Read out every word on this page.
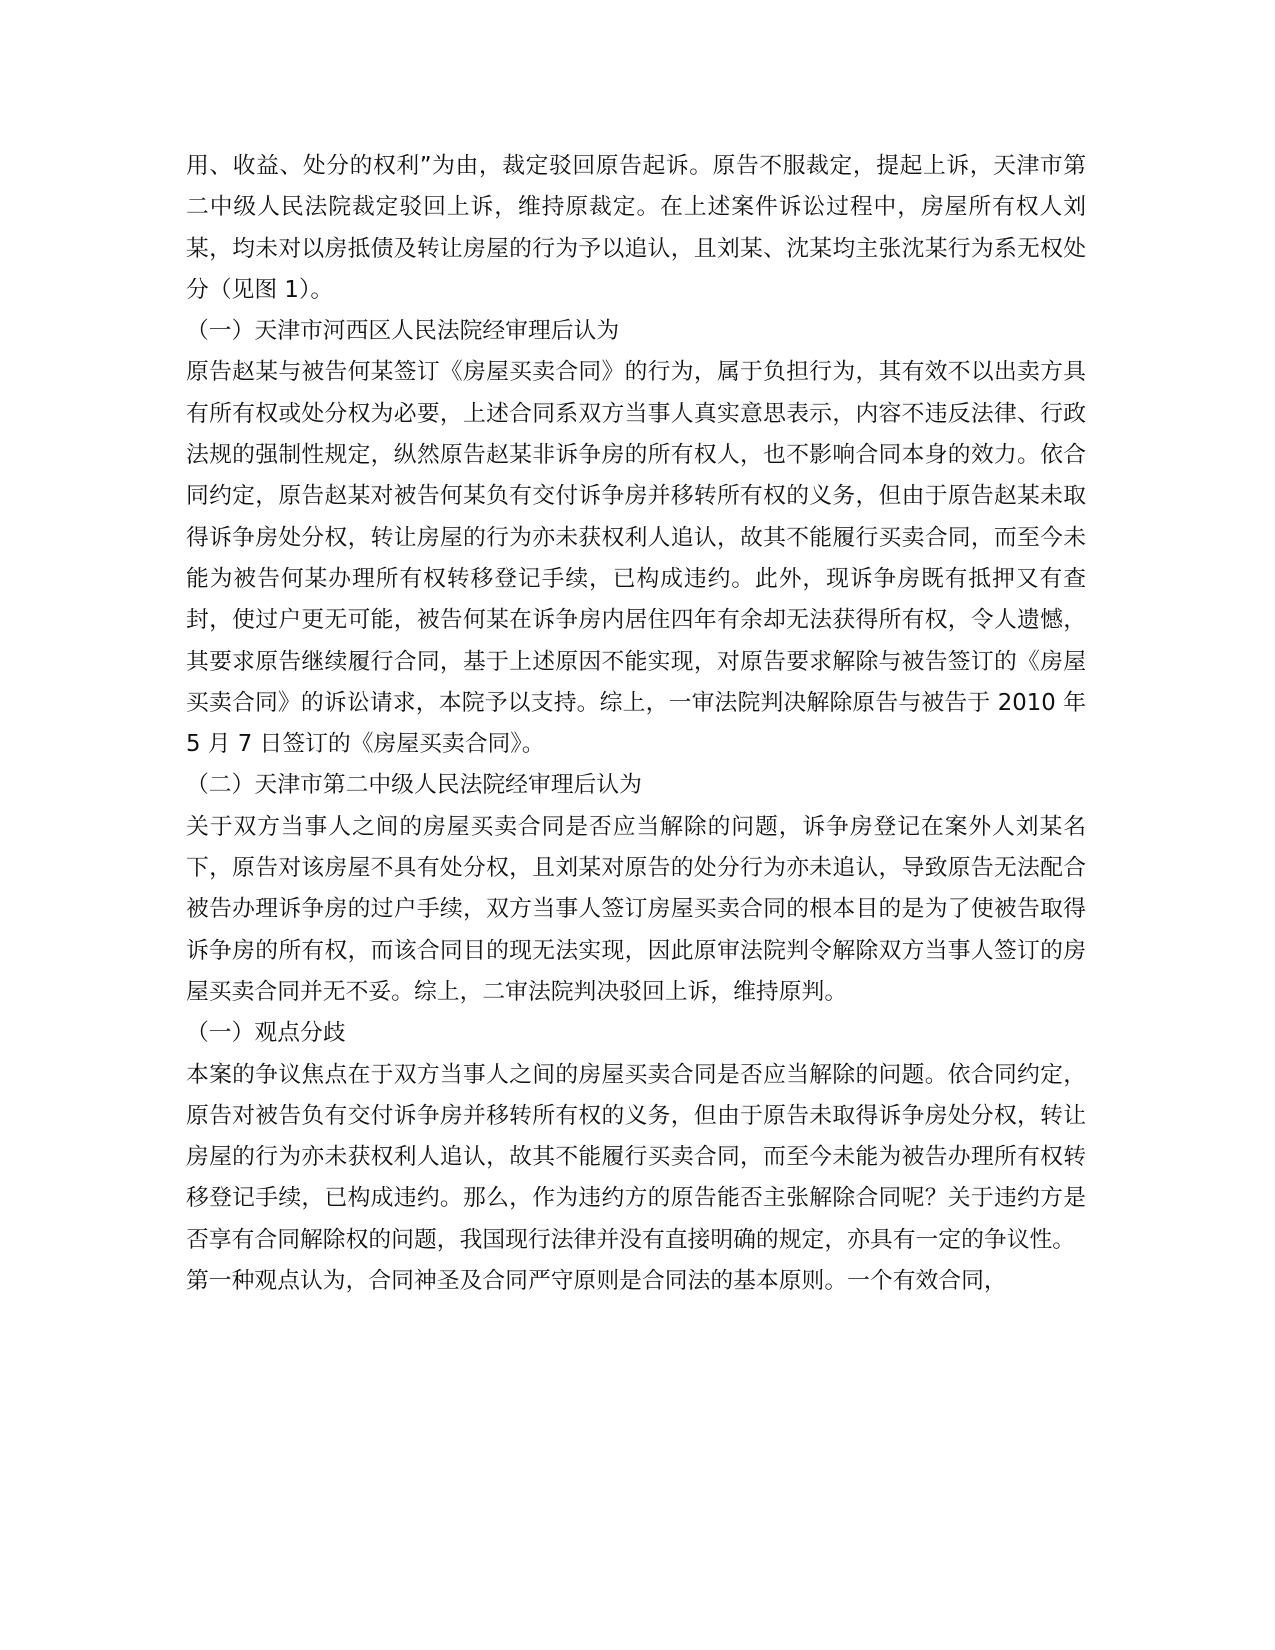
用、收益、处分的权利”为由，裁定驳回原告起诉。原告不服裁定，提起上诉，天津市第二中级人民法院裁定驳回上诉，维持原裁定。在上述案件诉讼过程中，房屋所有权人刘某，均未对以房抵债及转让房屋的行为予以追认，且刘某、沈某均主张沈某行为系无权处分（见图 1）。

（一）天津市河西区人民法院经审理后认为

原告赵某与被告何某签订《房屋买卖合同》的行为，属于负担行为，其有效不以出卖方具有所有权或处分权为必要，上述合同系双方当事人真实意思表示，内容不违反法律、行政法规的强制性规定，纵然原告赵某非诉争房的所有权人，也不影响合同本身的效力。依合同约定，原告赵某对被告何某负有交付诉争房并移转所有权的义务，但由于原告赵某未取得诉争房处分权，转让房屋的行为亦未获权利人追认，故其不能履行买卖合同，而至今未能为被告何某办理所有权转移登记手续，已构成违约。此外，现诉争房既有抵押又有查封，使过户更无可能，被告何某在诉争房内居住四年有余却无法获得所有权，令人遗憾，其要求原告继续履行合同，基于上述原因不能实现，对原告要求解除与被告签订的《房屋买卖合同》的诉讼请求，本院予以支持。综上，一审法院判决解除原告与被告于 2010 年 5 月 7 日签订的《房屋买卖合同》。

（二）天津市第二中级人民法院经审理后认为

关于双方当事人之间的房屋买卖合同是否应当解除的问题，诉争房登记在案外人刘某名下，原告对该房屋不具有处分权，且刘某对原告的处分行为亦未追认，导致原告无法配合被告办理诉争房的过户手续，双方当事人签订房屋买卖合同的根本目的是为了使被告取得诉争房的所有权，而该合同目的现无法实现，因此原审法院判令解除双方当事人签订的房屋买卖合同并无不妥。综上，二审法院判决驳回上诉，维持原判。

（一）观点分歧

本案的争议焦点在于双方当事人之间的房屋买卖合同是否应当解除的问题。依合同约定，原告对被告负有交付诉争房并移转所有权的义务，但由于原告未取得诉争房处分权，转让房屋的行为亦未获权利人追认，故其不能履行买卖合同，而至今未能为被告办理所有权转移登记手续，已构成违约。那么，作为违约方的原告能否主张解除合同呢？关于违约方是否享有合同解除权的问题，我国现行法律并没有直接明确的规定，亦具有一定的争议性。

第一种观点认为，合同神圣及合同严守原则是合同法的基本原则。一个有效合同，
